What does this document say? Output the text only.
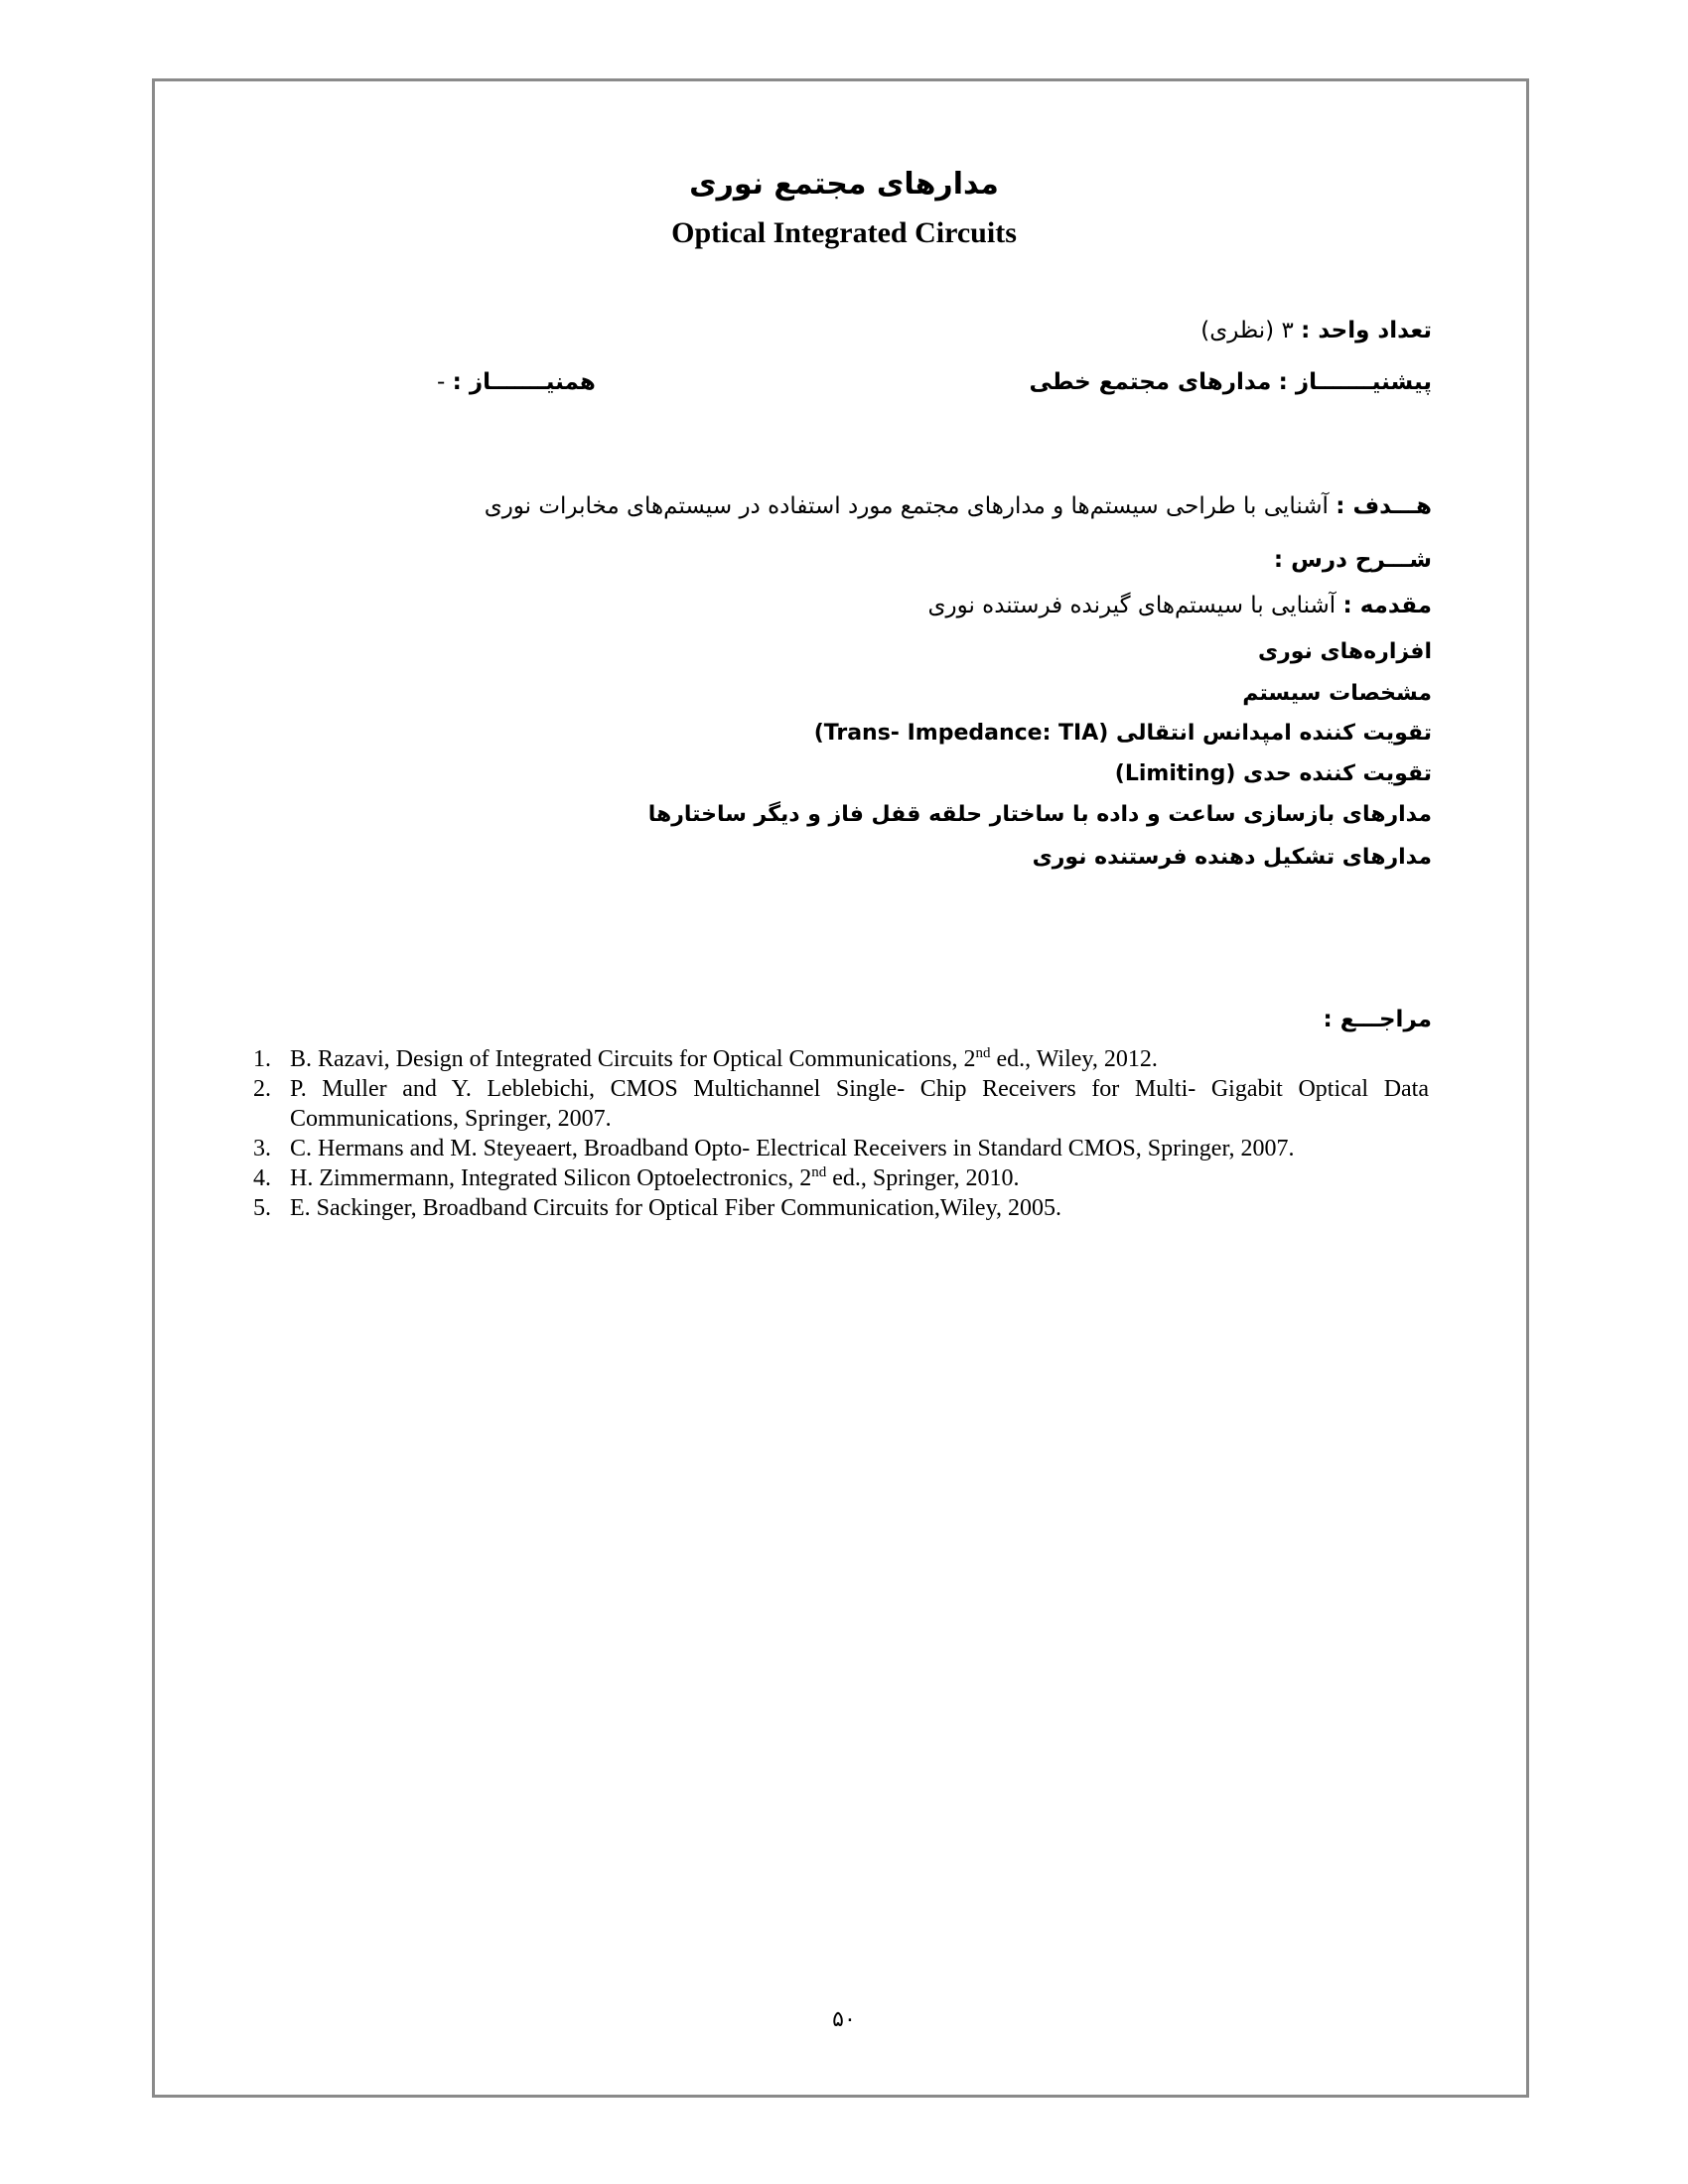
مدارهای مجتمع نوری
Optical Integrated Circuits
تعداد واحد : ۳ (نظری)
پیشنیـــــــاز : مدارهای مجتمع خطی
همنیـــــــاز : -
هـــدف : آشنایی با طراحی سیستم‌ها و مدارهای مجتمع مورد استفاده در سیستم‌های مخابرات نوری
شـــرح درس :
مقدمه : آشنایی با سیستم‌های گیرنده فرستنده نوری
افزاره‌های نوری
مشخصات سیستم
تقویت کننده امپدانس انتقالی (Trans- Impedance: TIA)
تقویت کننده حدی (Limiting)
مدارهای بازسازی ساعت و داده با ساختار حلقه قفل فاز و دیگر ساختارها
مدارهای تشکیل دهنده فرستنده نوری
مراجـــع :
1. B. Razavi, Design of Integrated Circuits for Optical Communications, 2nd ed., Wiley, 2012.
2. P. Muller and Y. Leblebichi, CMOS Multichannel Single- Chip Receivers for Multi- Gigabit Optical Data Communications, Springer, 2007.
3. C. Hermans and M. Steyeaert, Broadband Opto- Electrical Receivers in Standard CMOS, Springer, 2007.
4. H. Zimmermann, Integrated Silicon Optoelectronics, 2nd ed., Springer, 2010.
5. E. Sackinger, Broadband Circuits for Optical Fiber Communication,Wiley, 2005.
۵۰
